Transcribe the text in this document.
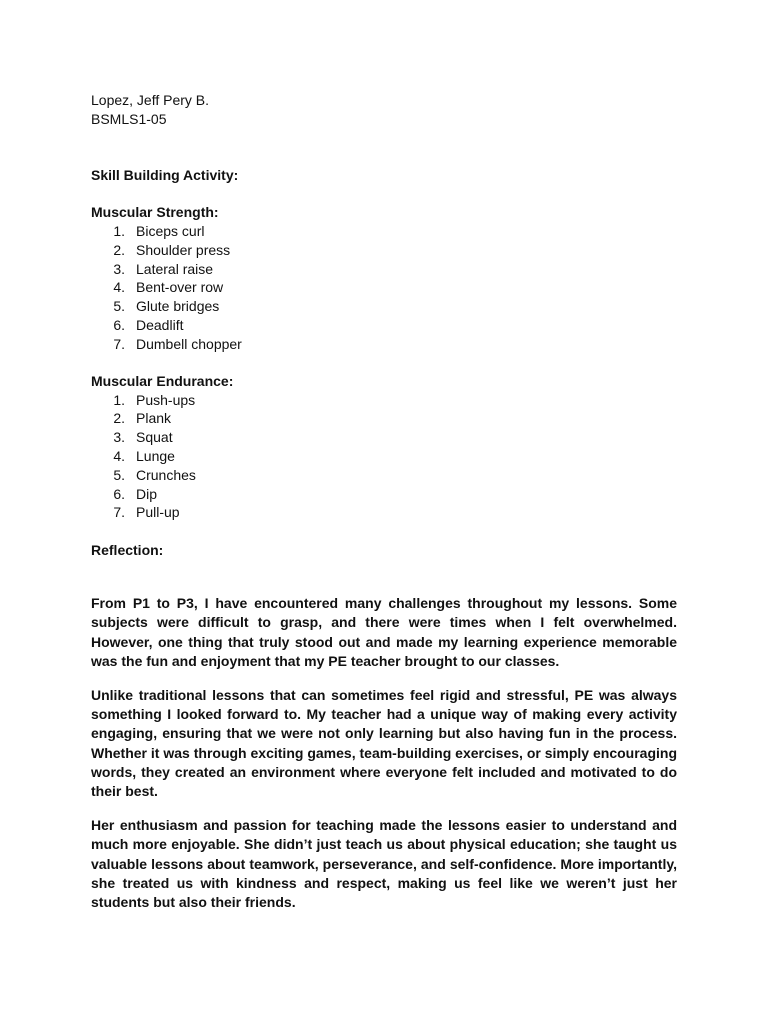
Lopez, Jeff Pery B.

BSMLS1-05

Skill Building Activity:

Muscular Strength:

1. Biceps curl
2. Shoulder press
3. Lateral raise
4. Bent-over row
5. Glute bridges
6. Deadlift
7. Dumbell chopper

Muscular Endurance:

1. Push-ups
2. Plank
3. Squat
4. Lunge
5. Crunches
6. Dip
7. Pull-up

Reflection:

From P1 to P3, I have encountered many challenges throughout my lessons. Some subjects were difficult to grasp, and there were times when I felt overwhelmed. However, one thing that truly stood out and made my learning experience memorable was the fun and enjoyment that my PE teacher brought to our classes.

Unlike traditional lessons that can sometimes feel rigid and stressful, PE was always something I looked forward to. My teacher had a unique way of making every activity engaging, ensuring that we were not only learning but also having fun in the process. Whether it was through exciting games, team-building exercises, or simply encouraging words, they created an environment where everyone felt included and motivated to do their best.

Her enthusiasm and passion for teaching made the lessons easier to understand and much more enjoyable. She didn’t just teach us about physical education; she taught us valuable lessons about teamwork, perseverance, and self-confidence. More importantly, she treated us with kindness and respect, making us feel like we weren’t just her students but also their friends.
